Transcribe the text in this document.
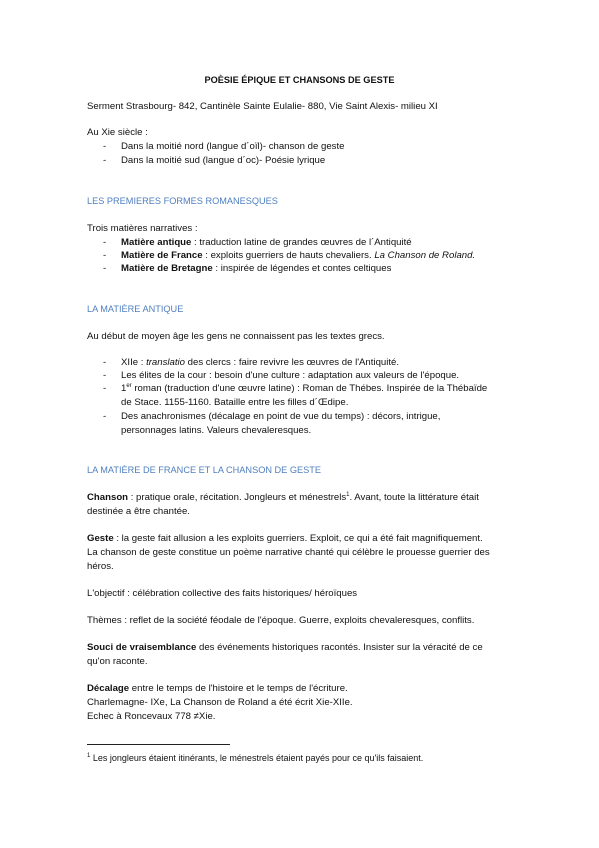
POÈSIE ÉPIQUE ET CHANSONS DE GESTE
Serment Strasbourg- 842, Cantinèle Sainte Eulalie- 880, Vie Saint Alexis- milieu XI
Au Xie siècle :
- Dans la moitié nord (langue d´oïl)- chanson de geste
- Dans la moitié sud (langue d´oc)- Poésie lyrique
LES PREMIERES FORMES ROMANESQUES
Trois matières narratives :
- Matière antique : traduction latine de grandes œuvres de l´Antiquité
- Matière de France : exploits guerriers de hauts chevaliers. La Chanson de Roland.
- Matière de Bretagne : inspirée de légendes et contes celtiques
LA MATIÈRE ANTIQUE
Au début de moyen âge les gens ne connaissent pas les textes grecs.
- XIIe : translatio des clercs : faire revivre les œuvres de l'Antiquité.
- Les élites de la cour : besoin d'une culture : adaptation aux valeurs de l'époque.
- 1er roman (traduction d'une œuvre latine) : Roman de Thébes. Inspirée de la Thébaïde
de Stace. 1155-1160. Bataille entre les filles d´Œdipe.
- Des anachronismes (décalage en point de vue du temps) : décors, intrigue,
personnages latins. Valeurs chevaleresques.
LA MATIÈRE DE FRANCE ET LA CHANSON DE GESTE
Chanson : pratique orale, récitation. Jongleurs et ménestrels$^1$. Avant, toute la littérature était
destinée a être chantée.
Geste : la geste fait allusion a les exploits guerriers. Exploit, ce qui a été fait magnifiquement.
La chanson de geste constitue un poème narrative chanté qui célèbre le prouesse guerrier des
héros.
L'objectif : célébration collective des faits historiques/ héroïques
Thèmes : reflet de la société féodale de l'époque. Guerre, exploits chevaleresques, conflits.
Souci de vraisemblance des événements historiques racontés. Insister sur la véracité de ce
qu'on raconte.
Décalage entre le temps de l'histoire et le temps de l'écriture.
Charlemagne- IXe, La Chanson de Roland a été écrit Xie-XIIe.
Echec à Roncevaux 778 ≠Xie.
$^1$ Les jongleurs étaient itinérants, le ménestrels étaient payés pour ce qu'ils faisaient.
